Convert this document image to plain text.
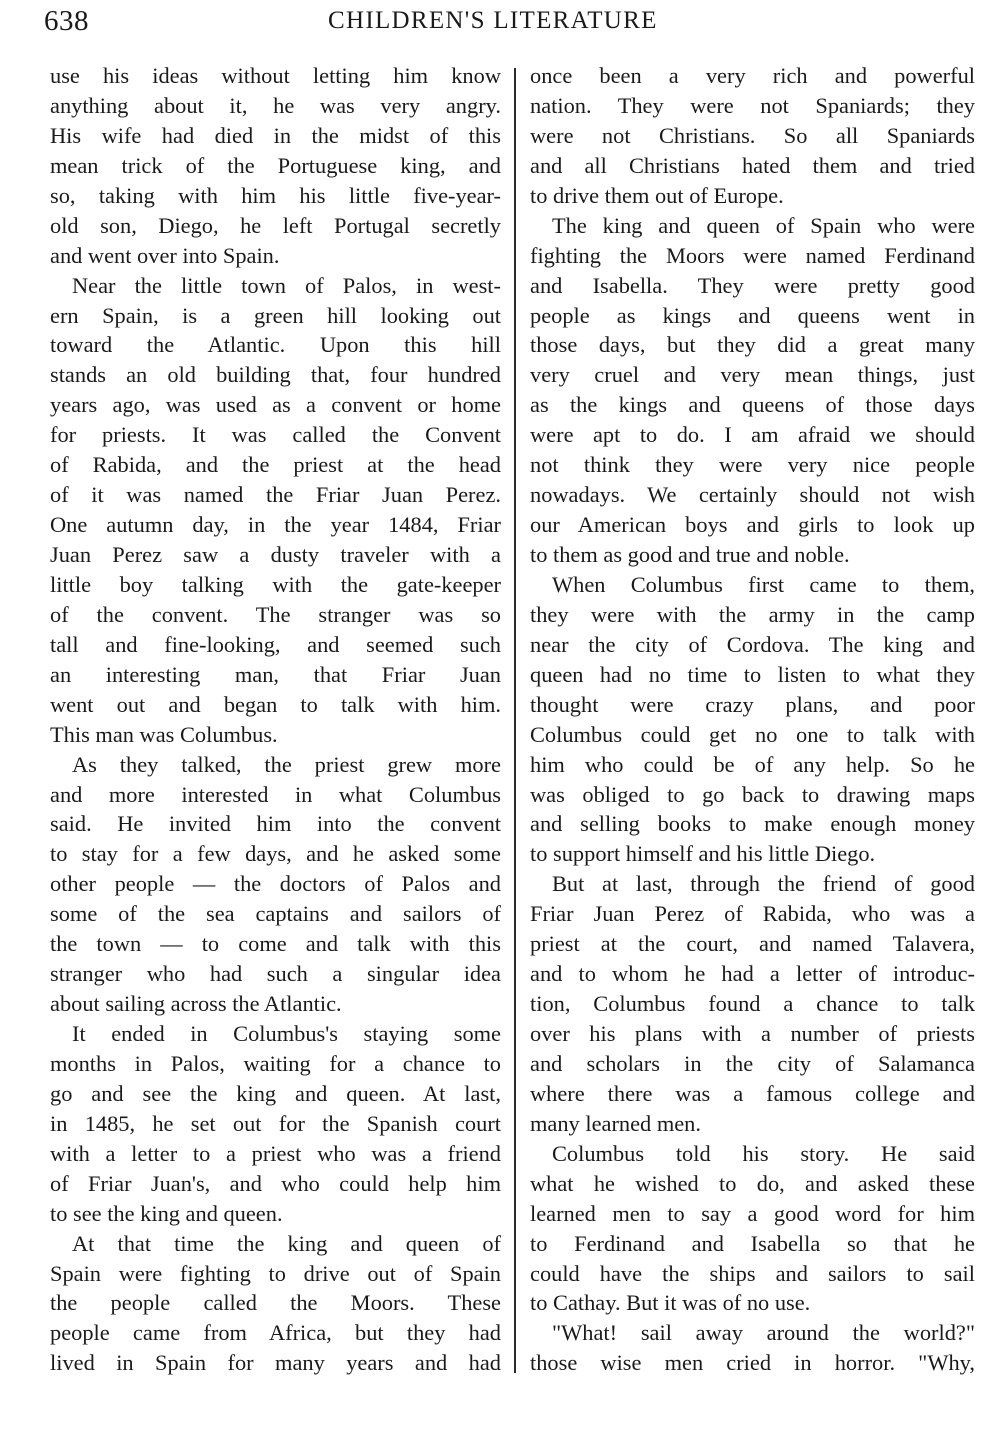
638	CHILDREN'S LITERATURE
use his ideas without letting him know
anything about it, he was very angry.
His wife had died in the midst of this
mean trick of the Portuguese king, and
so, taking with him his little five-year-
old son, Diego, he left Portugal secretly
and went over into Spain.
Near the little town of Palos, in west-
ern Spain, is a green hill looking out
toward the Atlantic. Upon this hill
stands an old building that, four hundred
years ago, was used as a convent or home
for priests. It was called the Convent
of Rabida, and the priest at the head
of it was named the Friar Juan Perez.
One autumn day, in the year 1484, Friar
Juan Perez saw a dusty traveler with a
little boy talking with the gate-keeper
of the convent. The stranger was so
tall and fine-looking, and seemed such
an interesting man, that Friar Juan
went out and began to talk with him.
This man was Columbus.
As they talked, the priest grew more
and more interested in what Columbus
said. He invited him into the convent
to stay for a few days, and he asked some
other people — the doctors of Palos and
some of the sea captains and sailors of
the town — to come and talk with this
stranger who had such a singular idea
about sailing across the Atlantic.
It ended in Columbus's staying some
months in Palos, waiting for a chance to
go and see the king and queen. At last,
in 1485, he set out for the Spanish court
with a letter to a priest who was a friend
of Friar Juan's, and who could help him
to see the king and queen.
At that time the king and queen of
Spain were fighting to drive out of Spain
the people called the Moors. These
people came from Africa, but they had
lived in Spain for many years and had
once been a very rich and powerful
nation. They were not Spaniards; they
were not Christians. So all Spaniards
and all Christians hated them and tried
to drive them out of Europe.
The king and queen of Spain who were
fighting the Moors were named Ferdinand
and Isabella. They were pretty good
people as kings and queens went in
those days, but they did a great many
very cruel and very mean things, just
as the kings and queens of those days
were apt to do. I am afraid we should
not think they were very nice people
nowadays. We certainly should not wish
our American boys and girls to look up
to them as good and true and noble.
When Columbus first came to them,
they were with the army in the camp
near the city of Cordova. The king and
queen had no time to listen to what they
thought were crazy plans, and poor
Columbus could get no one to talk with
him who could be of any help. So he
was obliged to go back to drawing maps
and selling books to make enough money
to support himself and his little Diego.
But at last, through the friend of good
Friar Juan Perez of Rabida, who was a
priest at the court, and named Talavera,
and to whom he had a letter of introduc-
tion, Columbus found a chance to talk
over his plans with a number of priests
and scholars in the city of Salamanca
where there was a famous college and
many learned men.
Columbus told his story. He said
what he wished to do, and asked these
learned men to say a good word for him
to Ferdinand and Isabella so that he
could have the ships and sailors to sail
to Cathay. But it was of no use.
"What! sail away around the world?"
those wise men cried in horror. "Why,
